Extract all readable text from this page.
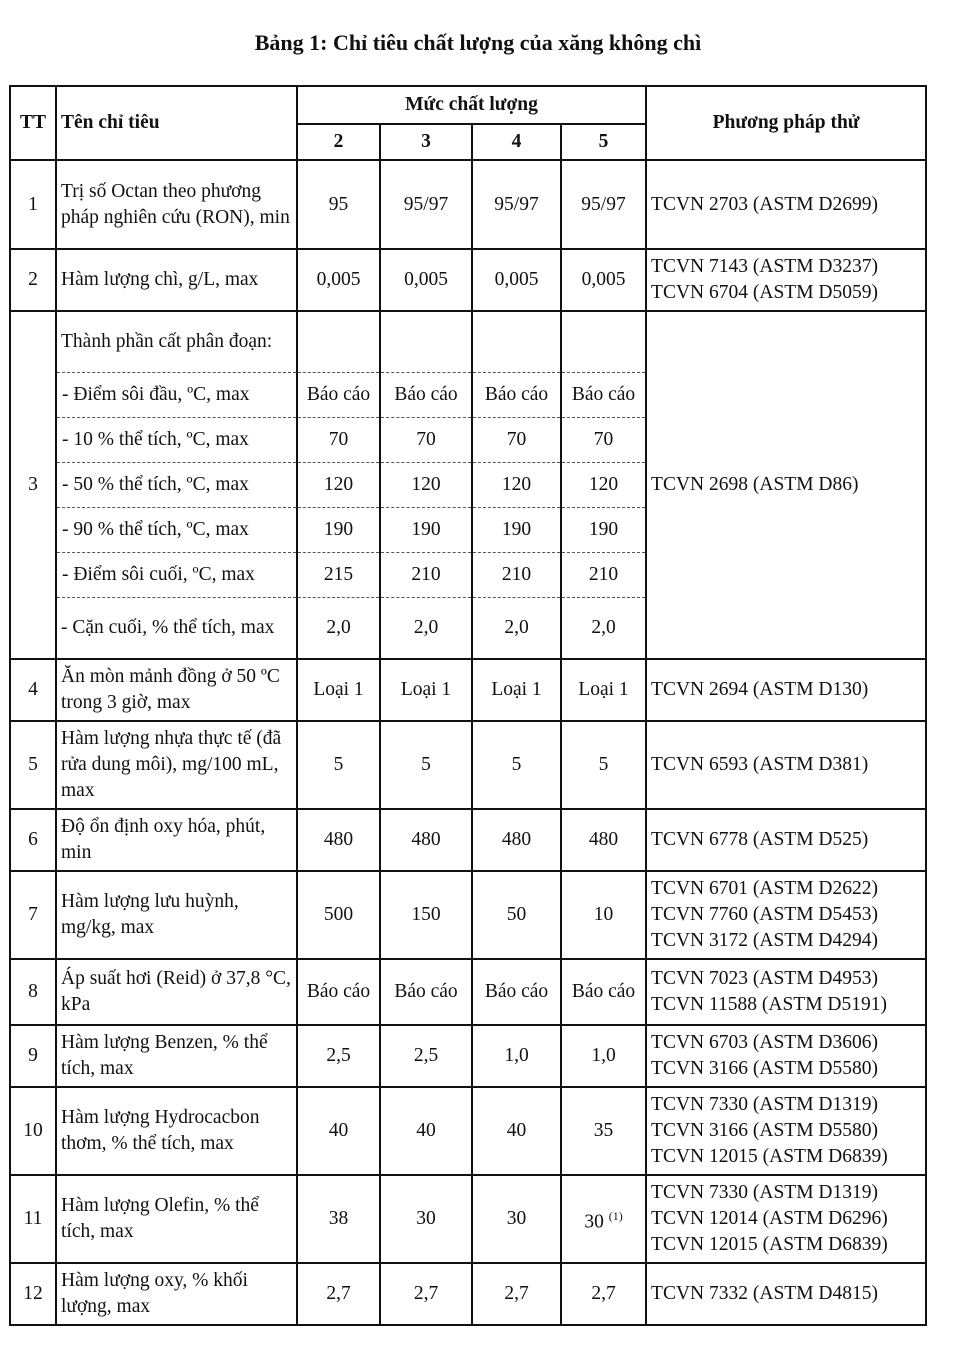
Bảng 1: Chỉ tiêu chất lượng của xăng không chì
TT	Tên chỉ tiêu	Mức chất lượng				Phương pháp thử
		2	3	4	5	
1	Trị số Octan theo phương pháp nghiên cứu (RON), min	95	95/97	95/97	95/97	TCVN 2703 (ASTM D2699)

2	Hàm lượng chì, g/L, max	0,005	0,005	0,005	0,005	TCVN 7143 (ASTM D3237)
TCVN 6704 (ASTM D5059)

3	Thành phần cất phân đoạn:					TCVN 2698 (ASTM D86)
	- Điểm sôi đầu, ºC, max	Báo cáo	Báo cáo	Báo cáo	Báo cáo	
	- 10 % thể tích, ºC, max	70	70	70	70	
	- 50 % thể tích, ºC, max	120	120	120	120	
	- 90 % thể tích, ºC, max	190	190	190	190	
	- Điểm sôi cuối, ºC, max	215	210	210	210	
	- Cặn cuối, % thể tích, max	2,0	2,0	2,0	2,0	
4	Ăn mòn mảnh đồng ở 50 ºC trong 3 giờ, max	Loại 1	Loại 1	Loại 1	Loại 1	TCVN 2694 (ASTM D130)

5	Hàm lượng nhựa thực tế (đã rửa dung môi), mg/100 mL, max	5	5	5	5	TCVN 6593 (ASTM D381)

6	Độ ổn định oxy hóa, phút, min	480	480	480	480	TCVN 6778 (ASTM D525)

7	Hàm lượng lưu huỳnh, mg/kg, max	500	150	50	10	TCVN 6701 (ASTM D2622)
TCVN 7760 (ASTM D5453)
TCVN 3172 (ASTM D4294)

8	Áp suất hơi (Reid) ở 37,8 °C, kPa	Báo cáo	Báo cáo	Báo cáo	Báo cáo	TCVN 7023 (ASTM D4953)
TCVN 11588 (ASTM D5191)

9	Hàm lượng Benzen, % thể tích, max	2,5	2,5	1,0	1,0	TCVN 6703 (ASTM D3606)
TCVN 3166 (ASTM D5580)

10	Hàm lượng Hydrocacbon thơm, % thể tích, max	40	40	40	35	TCVN 7330 (ASTM D1319)
TCVN 3166 (ASTM D5580)
TCVN 12015 (ASTM D6839)

11	Hàm lượng Olefin, % thể tích, max	38	30	30	30 $^{(1)}$	TCVN 7330 (ASTM D1319)
TCVN 12014 (ASTM D6296)
TCVN 12015 (ASTM D6839)

12	Hàm lượng oxy, % khối lượng, max	2,7	2,7	2,7	2,7	TCVN 7332 (ASTM D4815)
